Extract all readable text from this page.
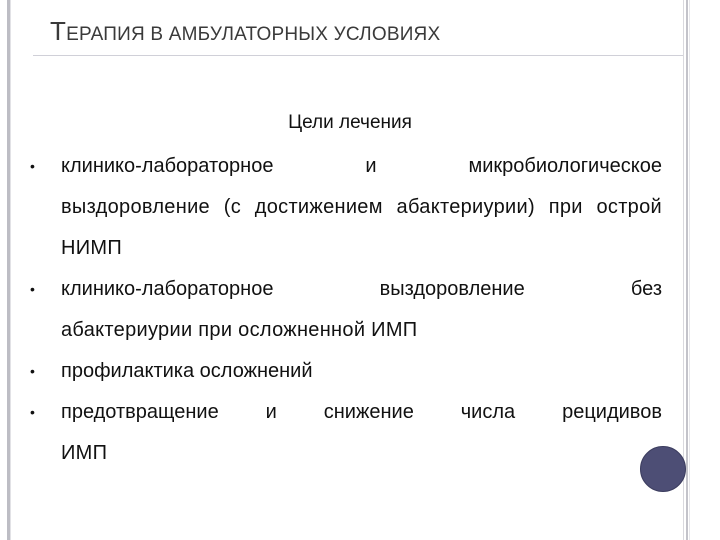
ТЕРАПИЯ В АМБУЛАТОРНЫХ УСЛОВИЯХ
Цели лечения
• клинико-лабораторное	и	микробиологическое
выздоровление (с достижением абактериурии) при острой НИМП
• клинико-лабораторное	выздоровление	без
абактериурии при осложненной ИМП
• профилактика осложнений
• предотвращение и снижение числа рецидивов
ИМП
